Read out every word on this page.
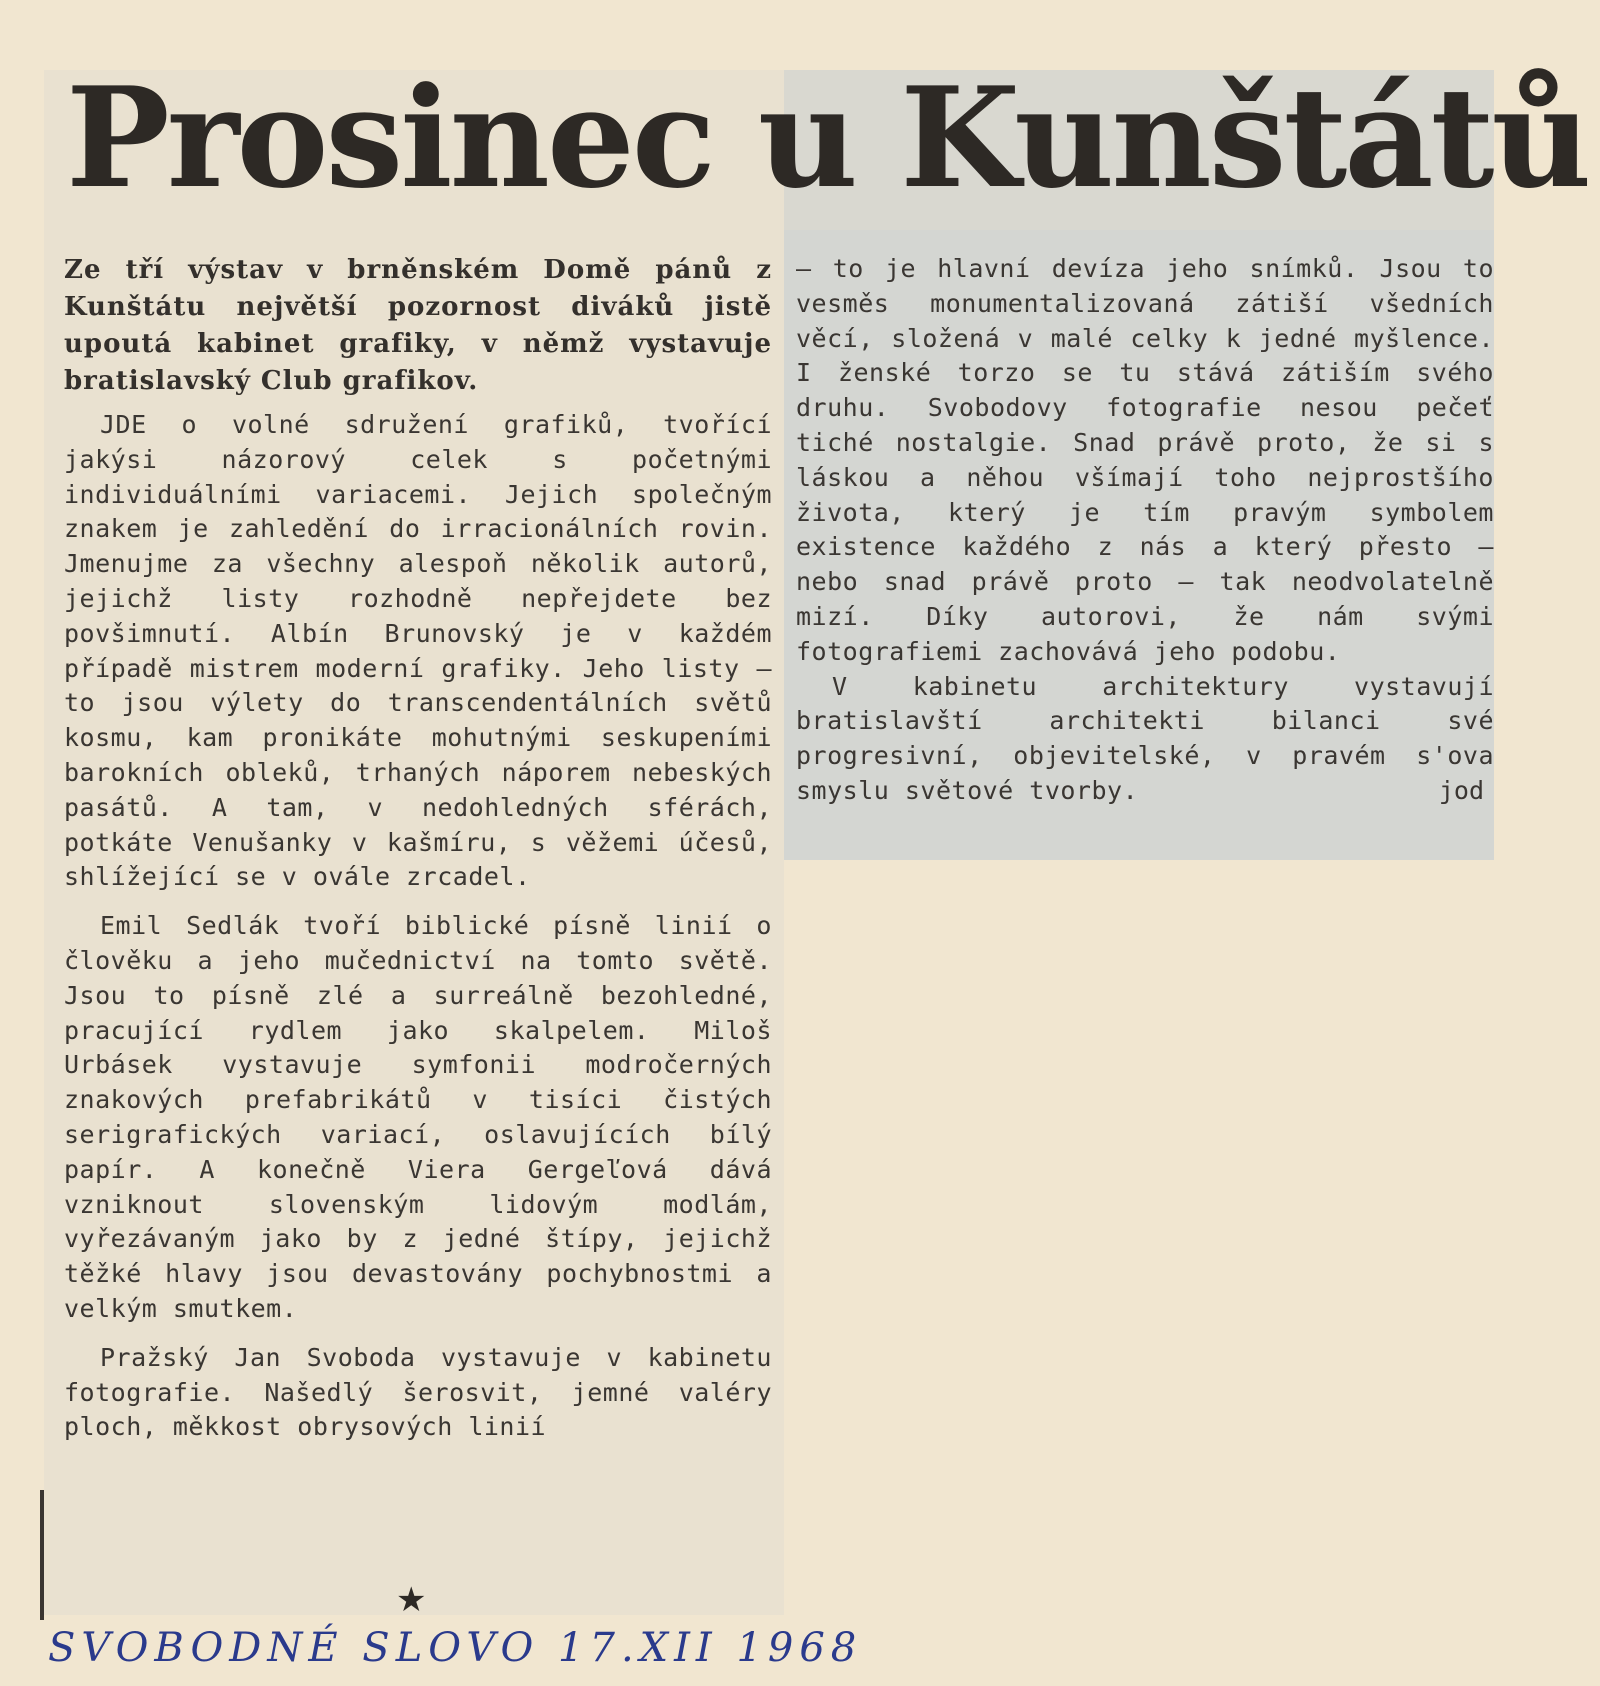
Prosinec u Kunštátů

Ze tří výstav v brněnském Domě pánů z Kunštátu největší pozornost diváků jistě upoutá kabinet grafiky, v němž vystavuje bratislavský Club grafikov.

JDE o volné sdružení grafiků, tvořící jakýsi názorový celek s početnými individuálními variacemi. Jejich společným znakem je zahledění do irracionálních rovin. Jmenujme za všechny alespoň několik autorů, jejichž listy rozhodně nepřejdete bez povšimnutí. Albín Brunovský je v každém případě mistrem moderní grafiky. Jeho listy — to jsou výlety do transcendentálních světů kosmu, kam pronikáte mohutnými seskupeními barokních obleků, trhaných náporem nebeských pasátů. A tam, v nedohledných sférách, potkáte Venušanky v kašmíru, s věžemi účesů, shlížející se v ovále zrcadel.

Emil Sedlák tvoří biblické písně linií o člověku a jeho mučednictví na tomto světě. Jsou to písně zlé a surreálně bezohledné, pracující rydlem jako skalpelem. Miloš Urbásek vystavuje symfonii modročerných znakových prefabrikátů v tisíci čistých serigrafických variací, oslavujících bílý papír. A konečně Viera Gergeľová dává vzniknout slovenským lidovým modlám, vyřezávaným jako by z jedné štípy, jejichž těžké hlavy jsou devastovány pochybnostmi a velkým smutkem.

Pražský Jan Svoboda vystavuje v kabinetu fotografie. Našedlý šerosvit, jemné valéry ploch, měkkost obrysových linií

— to je hlavní devíza jeho snímků. Jsou to vesměs monumentalizovaná zátiší všedních věcí, složená v malé celky k jedné myšlence. I ženské torzo se tu stává zátiším svého druhu. Svobodovy fotografie nesou pečeť tiché nostalgie. Snad právě proto, že si s láskou a něhou všímají toho nejprostšího života, který je tím pravým symbolem existence každého z nás a který přesto — nebo snad právě proto — tak neodvolatelně mizí. Díky autorovi, že nám svými fotografiemi zachovává jeho podobu.

V kabinetu architektury vystavují bratislavští architekti bilanci své progresivní, objevitelské, v pravém s'ova smyslu světové tvorby.	jod

★
SVOBODNÉ SLOVO 17.XII 1968
